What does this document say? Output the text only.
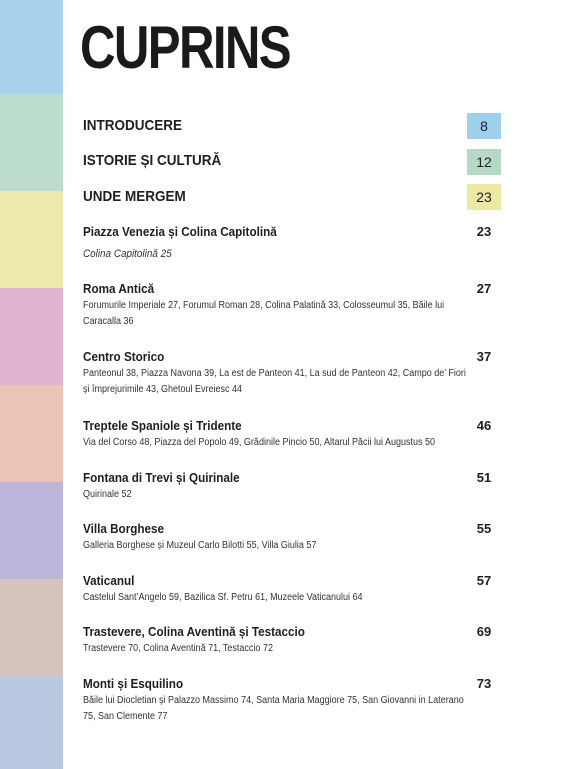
CUPRINS
INTRODUCERE	8
ISTORIE ȘI CULTURĂ	12
UNDE MERGEM	23
Piazza Venezia și Colina Capitolină	23
Colina Capitolină 25
Roma Antică	27
Forumurile Imperiale 27, Forumul Roman 28, Colina Palatină 33, Colosseumul 35, Băile lui Caracalla 36
Centro Storico	37
Panteonul 38, Piazza Navona 39, La est de Panteon 41, La sud de Panteon 42, Campo de’ Fiori și împrejurimile 43, Ghetoul Evreiesc 44
Treptele Spaniole și Tridente	46
Via del Corso 48, Piazza del Popolo 49, Grădinile Pincio 50, Altarul Păcii lui Augustus 50
Fontana di Trevi și Quirinale	51
Quirinale 52
Villa Borghese	55
Galleria Borghese și Muzeul Carlo Bilotti 55, Villa Giulia 57
Vaticanul	57
Castelul Sant’Angelo 59, Bazilica Sf. Petru 61, Muzeele Vaticanului 64
Trastevere, Colina Aventină și Testaccio	69
Trastevere 70, Colina Aventină 71, Testaccio 72
Monti și Esquilino	73
Băile lui Diocletian și Palazzo Massimo 74, Santa Maria Maggiore 75, San Giovanni in Laterano 75, San Clemente 77
